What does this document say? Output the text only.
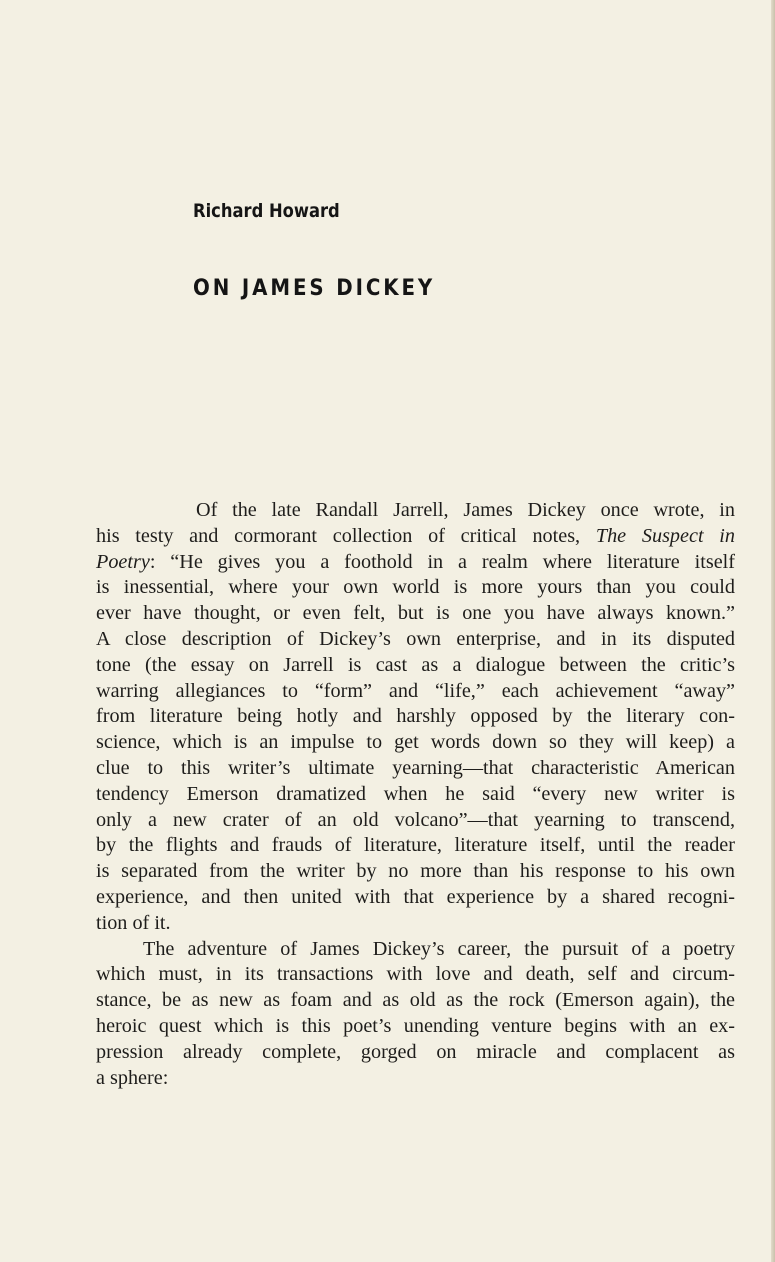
Richard Howard
ON JAMES DICKEY
Of the late Randall Jarrell, James Dickey once wrote, in
his testy and cormorant collection of critical notes, The Suspect in
Poetry: “He gives you a foothold in a realm where literature itself
is inessential, where your own world is more yours than you could
ever have thought, or even felt, but is one you have always known.”
A close description of Dickey’s own enterprise, and in its disputed
tone (the essay on Jarrell is cast as a dialogue between the critic’s
warring allegiances to “form” and “life,” each achievement “away”
from literature being hotly and harshly opposed by the literary con-
science, which is an impulse to get words down so they will keep) a
clue to this writer’s ultimate yearning—that characteristic American
tendency Emerson dramatized when he said “every new writer is
only a new crater of an old volcano”—that yearning to transcend,
by the flights and frauds of literature, literature itself, until the reader
is separated from the writer by no more than his response to his own
experience, and then united with that experience by a shared recogni-
tion of it.
The adventure of James Dickey’s career, the pursuit of a poetry
which must, in its transactions with love and death, self and circum-
stance, be as new as foam and as old as the rock (Emerson again), the
heroic quest which is this poet’s unending venture begins with an ex-
pression already complete, gorged on miracle and complacent as
a sphere:
